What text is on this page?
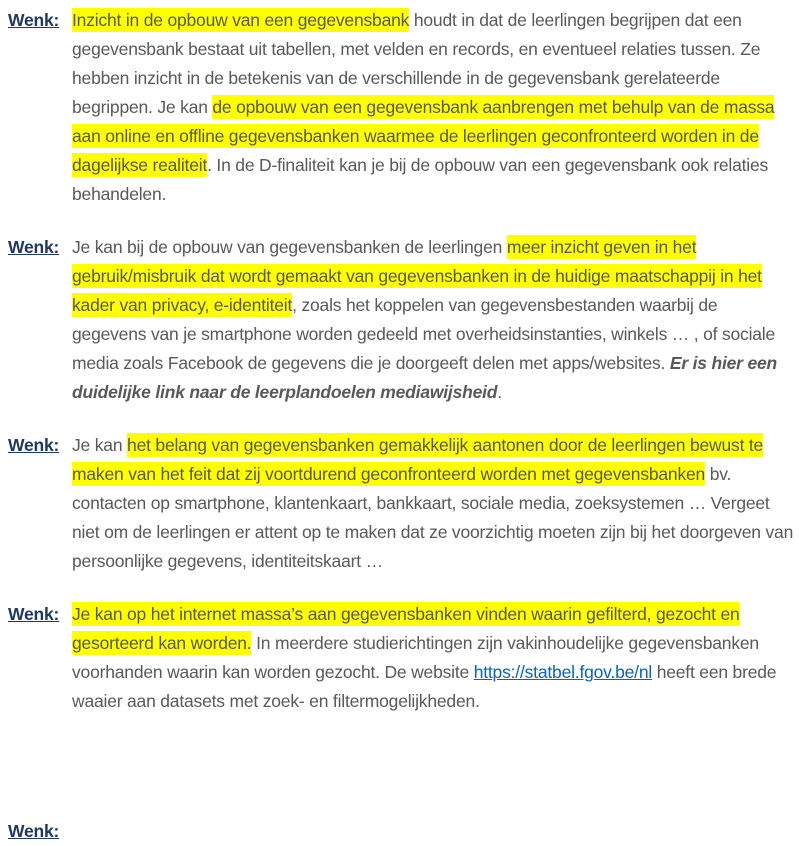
Wenk: Inzicht in de opbouw van een gegevensbank houdt in dat de leerlingen begrijpen dat een gegevensbank bestaat uit tabellen, met velden en records, en eventueel relaties tussen. Ze hebben inzicht in de betekenis van de verschillende in de gegevensbank gerelateerde begrippen. Je kan de opbouw van een gegevensbank aanbrengen met behulp van de massa aan online en offline gegevensbanken waarmee de leerlingen geconfronteerd worden in de dagelijkse realiteit. In de D-finaliteit kan je bij de opbouw van een gegevensbank ook relaties behandelen.
Wenk: Je kan bij de opbouw van gegevensbanken de leerlingen meer inzicht geven in het gebruik/misbruik dat wordt gemaakt van gegevensbanken in de huidige maatschappij in het kader van privacy, e-identiteit, zoals het koppelen van gegevensbestanden waarbij de gegevens van je smartphone worden gedeeld met overheidsinstanties, winkels … , of sociale media zoals Facebook de gegevens die je doorgeeft delen met apps/websites. Er is hier een duidelijke link naar de leerplandoelen mediawijsheid.
Wenk: Je kan het belang van gegevensbanken gemakkelijk aantonen door de leerlingen bewust te maken van het feit dat zij voortdurend geconfronteerd worden met gegevensbanken bv. contacten op smartphone, klantenkaart, bankkaart, sociale media, zoeksystemen … Vergeet niet om de leerlingen er attent op te maken dat ze voorzichtig moeten zijn bij het doorgeven van persoonlijke gegevens, identiteitskaart …
Wenk: Je kan op het internet massa’s aan gegevensbanken vinden waarin gefilterd, gezocht en gesorteerd kan worden. In meerdere studierichtingen zijn vakinhoudelijke gegevensbanken voorhanden waarin kan worden gezocht. De website https://statbel.fgov.be/nl heeft een brede waaier aan datasets met zoek- en filtermogelijkheden.
Wenk:
